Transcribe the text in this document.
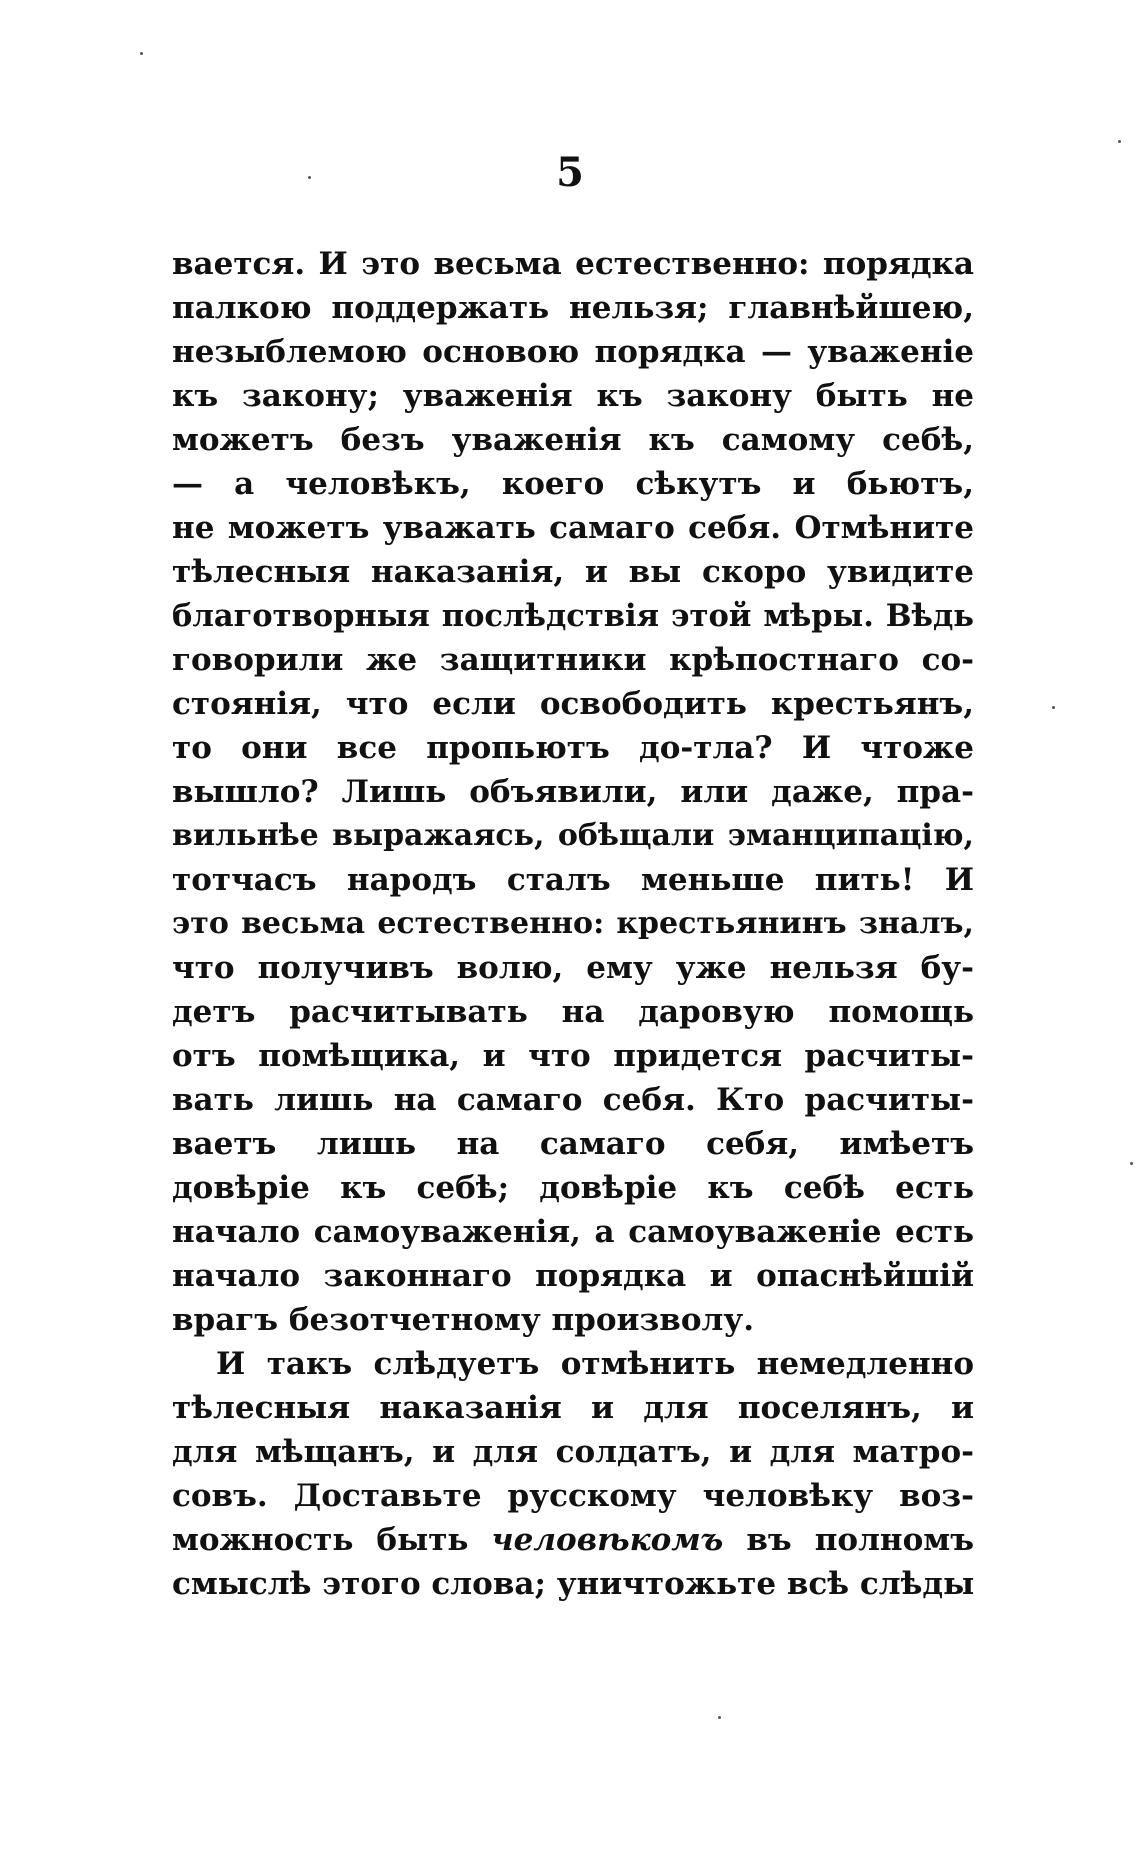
5
вается. И это весьма естественно: порядка
палкою поддержать нельзя; главнѣйшею,
незыблемою основою порядка — уваженіе
къ закону; уваженія къ закону быть не
можетъ безъ уваженія къ самому себѣ,
— а человѣкъ, коего сѣкутъ и бьютъ,
не можетъ уважать самаго себя. Отмѣните
тѣлесныя наказанія, и вы скоро увидите
благотворныя послѣдствія этой мѣры. Вѣдь
говорили же защитники крѣпостнаго со-
стоянія, что если освободить крестьянъ,
то они все пропьютъ до-тла? И чтоже
вышло? Лишь объявили, или даже, пра-
вильнѣе выражаясь, обѣщали эманципацію,
тотчасъ народъ сталъ меньше пить! И
это весьма естественно: крестьянинъ зналъ,
что получивъ волю, ему уже нельзя бу-
детъ расчитывать на даровую помощь
отъ помѣщика, и что придется расчиты-
вать лишь на самаго себя. Кто расчиты-
ваетъ лишь на самаго себя, имѣетъ
довѣріе къ себѣ; довѣріе къ себѣ есть
начало самоуваженія, а самоуваженіе есть
начало законнаго порядка и опаснѣйшій
врагъ безотчетному произволу.
И такъ слѣдуетъ отмѣнить немедленно
тѣлесныя наказанія и для поселянъ, и
для мѣщанъ, и для солдатъ, и для матро-
совъ. Доставьте русскому человѣку воз-
можность быть человѣкомъ въ полномъ
смыслѣ этого слова; уничтожьте всѣ слѣды
